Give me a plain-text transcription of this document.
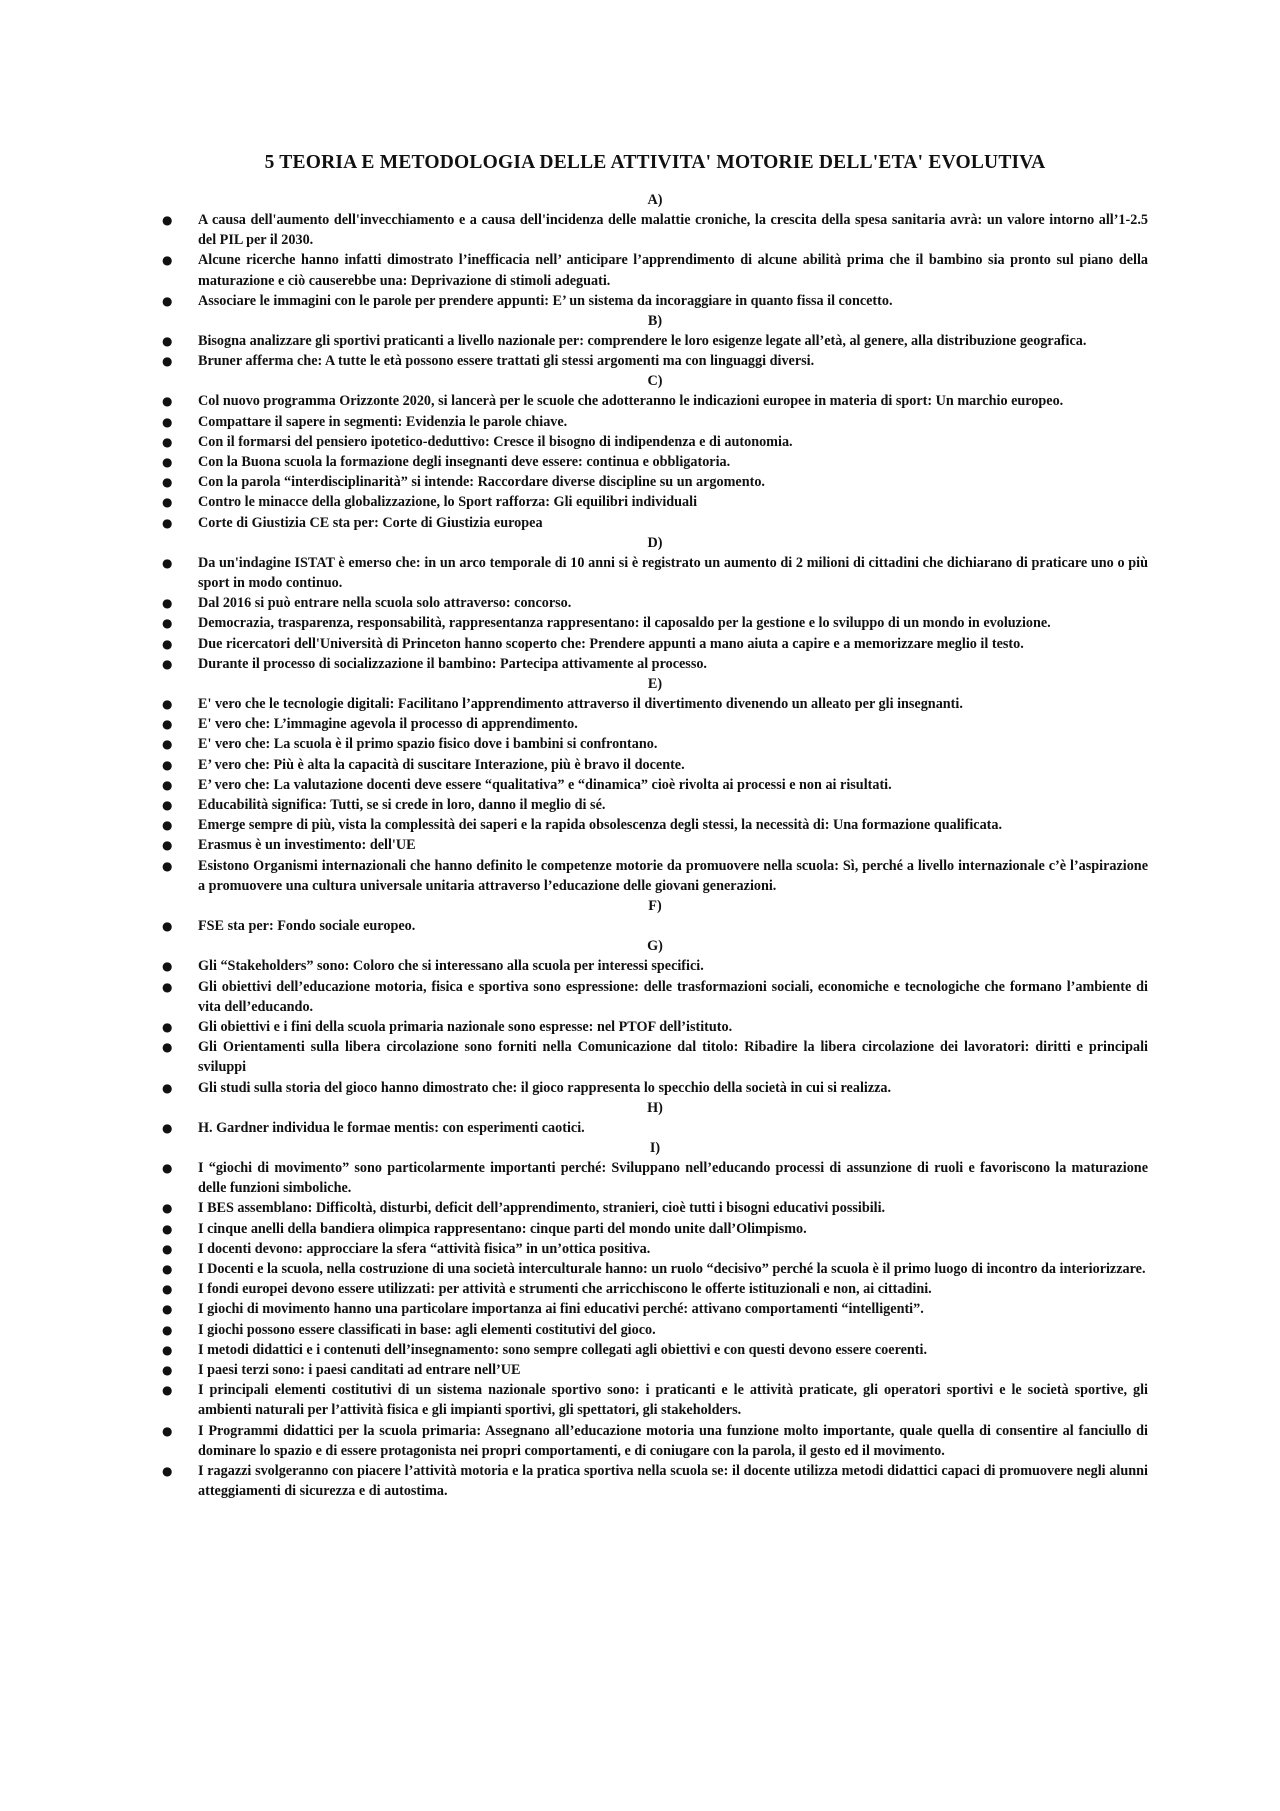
5 TEORIA E METODOLOGIA DELLE ATTIVITA' MOTORIE DELL'ETA' EVOLUTIVA

A)

● A causa dell'aumento dell'invecchiamento e a causa dell'incidenza delle malattie croniche, la crescita della spesa sanitaria avrà: un valore intorno all’1-2.5 del PIL per il 2030.
● Alcune ricerche hanno infatti dimostrato l’inefficacia nell’ anticipare l’apprendimento di alcune abilità prima che il bambino sia pronto sul piano della maturazione e ciò causerebbe una: Deprivazione di stimoli adeguati.
● Associare le immagini con le parole per prendere appunti: E’ un sistema da incoraggiare in quanto fissa il concetto.

B)

● Bisogna analizzare gli sportivi praticanti a livello nazionale per: comprendere le loro esigenze legate all’età, al genere, alla distribuzione geografica.
● Bruner afferma che: A tutte le età possono essere trattati gli stessi argomenti ma con linguaggi diversi.

C)

● Col nuovo programma Orizzonte 2020, si lancerà per le scuole che adotteranno le indicazioni europee in materia di sport: Un marchio europeo.
● Compattare il sapere in segmenti: Evidenzia le parole chiave.
● Con il formarsi del pensiero ipotetico-deduttivo: Cresce il bisogno di indipendenza e di autonomia.
● Con la Buona scuola la formazione degli insegnanti deve essere: continua e obbligatoria.
● Con la parola “interdisciplinarità” si intende: Raccordare diverse discipline su un argomento.
● Contro le minacce della globalizzazione, lo Sport rafforza: Gli equilibri individuali
● Corte di Giustizia CE sta per: Corte di Giustizia europea

D)

● Da un'indagine ISTAT è emerso che: in un arco temporale di 10 anni si è registrato un aumento di 2 milioni di cittadini che dichiarano di praticare uno o più sport in modo continuo.
● Dal 2016 si può entrare nella scuola solo attraverso: concorso.
● Democrazia, trasparenza, responsabilità, rappresentanza rappresentano: il caposaldo per la gestione e lo sviluppo di un mondo in evoluzione.
● Due ricercatori dell'Università di Princeton hanno scoperto che: Prendere appunti a mano aiuta a capire e a memorizzare meglio il testo.
● Durante il processo di socializzazione il bambino: Partecipa attivamente al processo.

E)

● E' vero che le tecnologie digitali: Facilitano l’apprendimento attraverso il divertimento divenendo un alleato per gli insegnanti.
● E' vero che: L’immagine agevola il processo di apprendimento.
● E' vero che: La scuola è il primo spazio fisico dove i bambini si confrontano.
● E’ vero che: Più è alta la capacità di suscitare Interazione, più è bravo il docente.
● E’ vero che: La valutazione docenti deve essere “qualitativa” e “dinamica” cioè rivolta ai processi e non ai risultati.
● Educabilità significa: Tutti, se si crede in loro, danno il meglio di sé.
● Emerge sempre di più, vista la complessità dei saperi e la rapida obsolescenza degli stessi, la necessità di: Una formazione qualificata.
● Erasmus è un investimento: dell'UE
● Esistono Organismi internazionali che hanno definito le competenze motorie da promuovere nella scuola: Sì, perché a livello internazionale c’è l’aspirazione a promuovere una cultura universale unitaria attraverso l’educazione delle giovani generazioni.

F)

● FSE sta per: Fondo sociale europeo.

G)

● Gli “Stakeholders” sono: Coloro che si interessano alla scuola per interessi specifici.
● Gli obiettivi dell’educazione motoria, fisica e sportiva sono espressione: delle trasformazioni sociali, economiche e tecnologiche che formano l’ambiente di vita dell’educando.
● Gli obiettivi e i fini della scuola primaria nazionale sono espresse: nel PTOF dell’istituto.
● Gli Orientamenti sulla libera circolazione sono forniti nella Comunicazione dal titolo: Ribadire la libera circolazione dei lavoratori: diritti e principali sviluppi
● Gli studi sulla storia del gioco hanno dimostrato che: il gioco rappresenta lo specchio della società in cui si realizza.

H)

● H. Gardner individua le formae mentis: con esperimenti caotici.

I)

● I “giochi di movimento” sono particolarmente importanti perché: Sviluppano nell’educando processi di assunzione di ruoli e favoriscono la maturazione delle funzioni simboliche.
● I BES assemblano: Difficoltà, disturbi, deficit dell’apprendimento, stranieri, cioè tutti i bisogni educativi possibili.
● I cinque anelli della bandiera olimpica rappresentano: cinque parti del mondo unite dall’Olimpismo.
● I docenti devono: approcciare la sfera “attività fisica” in un’ottica positiva.
● I Docenti e la scuola, nella costruzione di una società interculturale hanno: un ruolo “decisivo” perché la scuola è il primo luogo di incontro da interiorizzare.
● I fondi europei devono essere utilizzati: per attività e strumenti che arricchiscono le offerte istituzionali e non, ai cittadini.
● I giochi di movimento hanno una particolare importanza ai fini educativi perché: attivano comportamenti “intelligenti”.
● I giochi possono essere classificati in base: agli elementi costitutivi del gioco.
● I metodi didattici e i contenuti dell’insegnamento: sono sempre collegati agli obiettivi e con questi devono essere coerenti.
● I paesi terzi sono: i paesi canditati ad entrare nell’UE
● I principali elementi costitutivi di un sistema nazionale sportivo sono: i praticanti e le attività praticate, gli operatori sportivi e le società sportive, gli ambienti naturali per l’attività fisica e gli impianti sportivi, gli spettatori, gli stakeholders.
● I Programmi didattici per la scuola primaria: Assegnano all’educazione motoria una funzione molto importante, quale quella di consentire al fanciullo di dominare lo spazio e di essere protagonista nei propri comportamenti, e di coniugare con la parola, il gesto ed il movimento.
● I ragazzi svolgeranno con piacere l’attività motoria e la pratica sportiva nella scuola se: il docente utilizza metodi didattici capaci di promuovere negli alunni atteggiamenti di sicurezza e di autostima.
